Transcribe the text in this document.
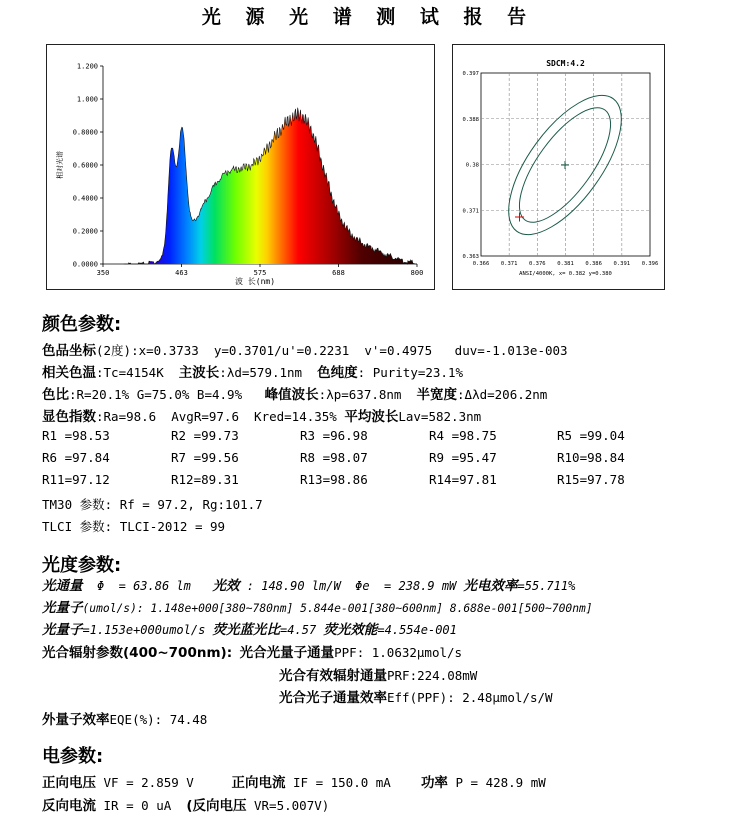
光 源 光 谱 测 试 报 告
0.0000
0.2000
0.4000
0.6000
0.8000
1.000
1.200
350	463	575	688	800
波 长(nm)
相对光谱
SDCM:4.2
0.363
0.371
0.38
0.388
0.397
0.366 0.371 0.376 0.381 0.386 0.391 0.396
ANSI/4000K, x= 0.382 y=0.380
颜色参数:
色品坐标(2度):x=0.3733  y=0.3701/u'=0.2231  v'=0.4975   duv=-1.013e-003
相关色温:Tc=4154K  主波长:λd=579.1nm  色纯度: Purity=23.1%
色比:R=20.1% G=75.0% B=4.9%   峰值波长:λp=637.8nm  半宽度:Δλd=206.2nm
显色指数:Ra=98.6  AvgR=97.6  Kred=14.35% 平均波长Lav=582.3nm
R1 =98.53	R2 =99.73	R3 =96.98	R4 =98.75	R5 =99.04
R6 =97.84	R7 =99.56	R8 =98.07	R9 =95.47	R10=98.84
R11=97.12	R12=89.31	R13=98.86	R14=97.81	R15=97.78
TM30 参数: Rf = 97.2, Rg:101.7
TLCI 参数: TLCI-2012 = 99
光度参数:
光通量  Φ  = 63.86 lm   光效 : 148.90 lm/W  Φe  = 238.9 mW 光电效率=55.711%
光量子(umol/s): 1.148e+000[380~780nm] 5.844e-001[380~600nm] 8.688e-001[500~700nm]
光量子=1.153e+000umol/s 荧光蓝光比=4.57 荧光效能=4.554e-001
光合辐射参数(400~700nm): 光合光量子通量PPF: 1.0632μmol/s
光合有效辐射通量PRF:224.08mW
光合光子通量效率Eff(PPF): 2.48μmol/s/W
外量子效率EQE(%): 74.48
电参数:
正向电压 VF = 2.859 V     正向电流 IF = 150.0 mA    功率 P = 428.9 mW
反向电流 IR = 0 uA  (反向电压 VR=5.007V)
